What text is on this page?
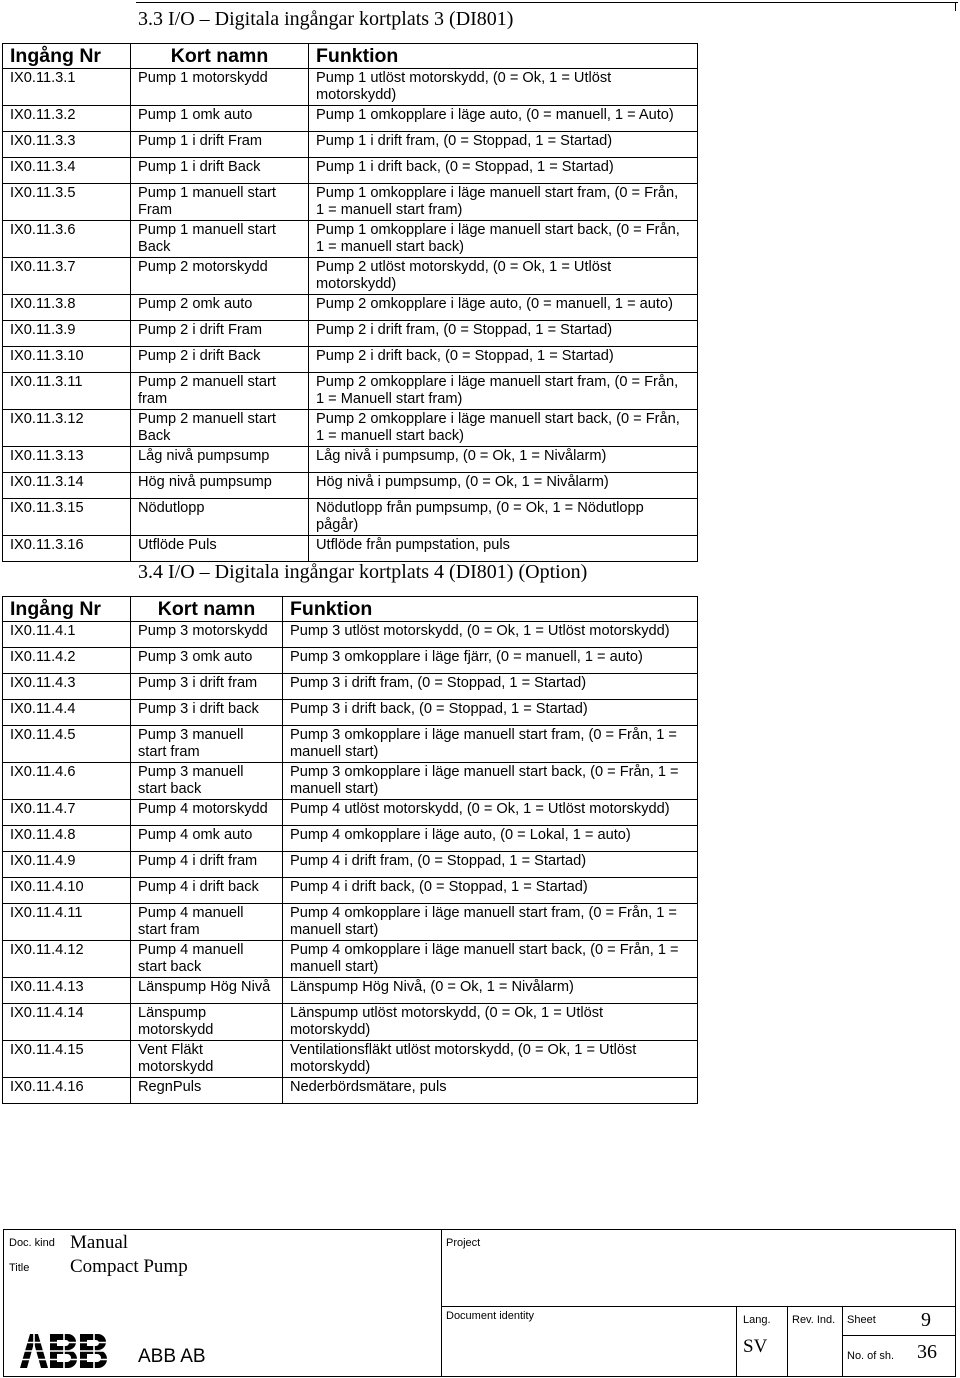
3.3 I/O – Digitala ingångar kortplats 3 (DI801)
Ingång Nr	Kort namn	Funktion
IX0.11.3.1	Pump 1 motorskydd	Pump 1 utlöst motorskydd, (0 = Ok, 1 = Utlöst
motorskydd)
IX0.11.3.2	Pump 1 omk auto	Pump 1 omkopplare i läge auto, (0 = manuell, 1 = Auto)
IX0.11.3.3	Pump 1 i drift Fram	Pump 1 i drift fram, (0 = Stoppad, 1 = Startad)
IX0.11.3.4	Pump 1 i drift Back	Pump 1 i drift back, (0 = Stoppad, 1 = Startad)
IX0.11.3.5	Pump 1 manuell start
Fram	Pump 1 omkopplare i läge manuell start fram, (0 = Från,
1 = manuell start fram)
IX0.11.3.6	Pump 1 manuell start
Back	Pump 1 omkopplare i läge manuell start back, (0 = Från,
1 = manuell start back)
IX0.11.3.7	Pump 2 motorskydd	Pump 2 utlöst motorskydd, (0 = Ok, 1 = Utlöst
motorskydd)
IX0.11.3.8	Pump 2 omk auto	Pump 2 omkopplare i läge auto, (0 = manuell, 1 = auto)
IX0.11.3.9	Pump 2 i drift Fram	Pump 2 i drift fram, (0 = Stoppad, 1 = Startad)
IX0.11.3.10	Pump 2 i drift Back	Pump 2 i drift back, (0 = Stoppad, 1 = Startad)
IX0.11.3.11	Pump 2 manuell start
fram	Pump 2 omkopplare i läge manuell start fram, (0 = Från,
1 = Manuell start fram)
IX0.11.3.12	Pump 2 manuell start
Back	Pump 2 omkopplare i läge manuell start back, (0 = Från,
1 = manuell start back)
IX0.11.3.13	Låg nivå pumpsump	Låg nivå i pumpsump, (0 = Ok, 1 = Nivålarm)
IX0.11.3.14	Hög nivå pumpsump	Hög nivå i pumpsump, (0 = Ok, 1 = Nivålarm)
IX0.11.3.15	Nödutlopp	Nödutlopp från pumpsump, (0 = Ok, 1 = Nödutlopp
pågår)
IX0.11.3.16	Utflöde Puls	Utflöde från pumpstation, puls
3.4 I/O – Digitala ingångar kortplats 4 (DI801) (Option)
Ingång Nr	Kort namn	Funktion
IX0.11.4.1	Pump 3 motorskydd	Pump 3 utlöst motorskydd, (0 = Ok, 1 = Utlöst motorskydd)
IX0.11.4.2	Pump 3 omk auto	Pump 3 omkopplare i läge fjärr, (0 = manuell, 1 = auto)
IX0.11.4.3	Pump 3 i drift fram	Pump 3 i drift fram, (0 = Stoppad, 1 = Startad)
IX0.11.4.4	Pump 3 i drift back	Pump 3 i drift back, (0 = Stoppad, 1 = Startad)
IX0.11.4.5	Pump 3 manuell
start fram	Pump 3 omkopplare i läge manuell start fram, (0 = Från, 1 =
manuell start)
IX0.11.4.6	Pump 3 manuell
start back	Pump 3 omkopplare i läge manuell start back, (0 = Från, 1 =
manuell start)
IX0.11.4.7	Pump 4 motorskydd	Pump 4 utlöst motorskydd, (0 = Ok, 1 = Utlöst motorskydd)
IX0.11.4.8	Pump 4 omk auto	Pump 4 omkopplare i läge auto, (0 = Lokal, 1 = auto)
IX0.11.4.9	Pump 4 i drift fram	Pump 4 i drift fram, (0 = Stoppad, 1 = Startad)
IX0.11.4.10	Pump 4 i drift back	Pump 4 i drift back, (0 = Stoppad, 1 = Startad)
IX0.11.4.11	Pump 4 manuell
start fram	Pump 4 omkopplare i läge manuell start fram, (0 = Från, 1 =
manuell start)
IX0.11.4.12	Pump 4 manuell
start back	Pump 4 omkopplare i läge manuell start back, (0 = Från, 1 =
manuell start)
IX0.11.4.13	Länspump Hög Nivå	Länspump Hög Nivå, (0 = Ok, 1 = Nivålarm)
IX0.11.4.14	Länspump
motorskydd	Länspump utlöst motorskydd, (0 = Ok, 1 = Utlöst
motorskydd)
IX0.11.4.15	Vent Fläkt
motorskydd	Ventilationsfläkt utlöst motorskydd, (0 = Ok, 1 = Utlöst
motorskydd)
IX0.11.4.16	RegnPuls	Nederbördsmätare, puls
Doc. kind Manual
Title Compact Pump
Project
Document identity
ABB AB
Lang.
SV
Rev. Ind. Sheet 9
No. of sh. 36
